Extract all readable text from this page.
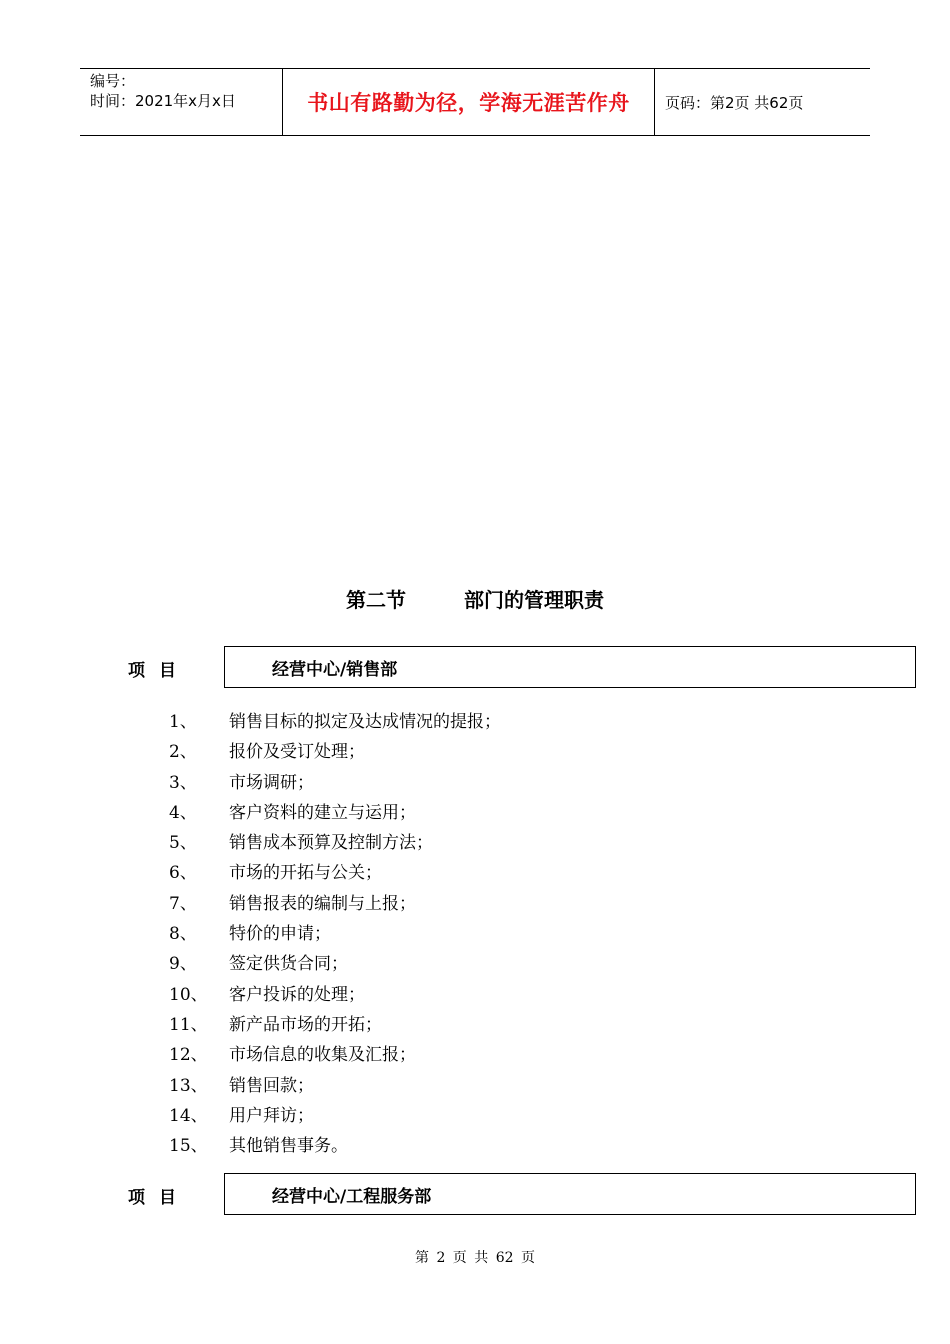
编号：
时间：2021年x月x日	书山有路勤为径，学海无涯苦作舟 页码：第2页 共62页
第二节	部门的管理职责
项目	经营中心/销售部
1、 销售目标的拟定及达成情况的提报；
2、 报价及受订处理；
3、 市场调研；
4、 客户资料的建立与运用；
5、 销售成本预算及控制方法；
6、 市场的开拓与公关；
7、 销售报表的编制与上报；
8、 特价的申请；
9、 签定供货合同；
10、 客户投诉的处理；
11、 新产品市场的开拓；
12、 市场信息的收集及汇报；
13、 销售回款；
14、 用户拜访；
15、 其他销售事务。
项目	经营中心/工程服务部
第 2 页 共 62 页
